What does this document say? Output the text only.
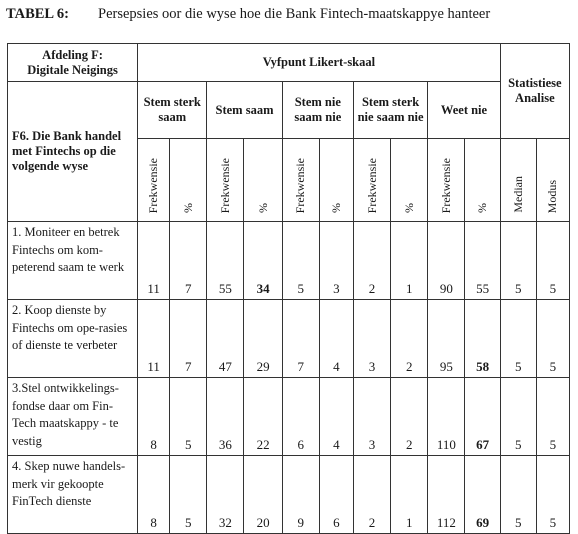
TABEL 6: Persepsies oor die wyse hoe die Bank Fintech-maatskappye hanteer
Afdeling F:
Digitale Neigings	Vyfpunt Likert-skaal										Statistiese Analise	
F6. Die Bank handel met Fintechs op die volgende wyse	Stem sterk saam		Stem saam		Stem nie saam nie		Stem sterk nie saam nie		Weet nie			
	Frekwensie	%	Frekwensie	%	Frekwensie	%	Frekwensie	%	Frekwensie	%	Median	Modus
1. Moniteer en betrek Fintechs om kom-peterend saam te werk	11	7	55	34	5	3	2	1	90	55	5	5
2. Koop dienste by Fintechs om ope-rasies of dienste te verbeter	11	7	47	29	7	4	3	2	95	58	5	5
3.Stel ontwikkelings-fondse daar om Fin-Tech maatskappy - te vestig	8	5	36	22	6	4	3	2	110	67	5	5
4. Skep nuwe handels-merk vir gekoopte FinTech dienste	8	5	32	20	9	6	2	1	112	69	5	5
